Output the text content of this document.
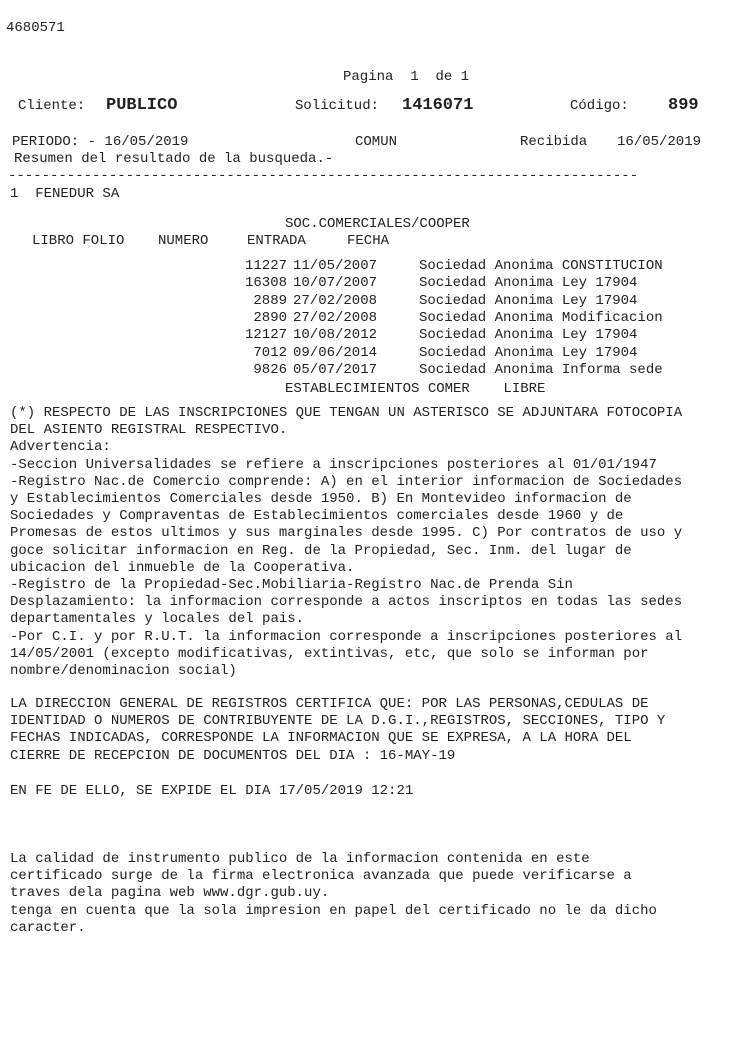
4680571
Pagina 1 de 1
Cliente: PUBLICO	Solicitud: 1416071	Código: 899
PERIODO: - 16/05/2019	COMUN	Recibida 16/05/2019
Resumen del resultado de la busqueda.-
---------------------------------------------------------------------------
1  FENEDUR SA
SOC.COMERCIALES/COOPER
LIBRO FOLIO NUMERO	ENTRADA	FECHA
11227 11/05/2007	Sociedad Anonima CONSTITUCION
16308 10/07/2007	Sociedad Anonima Ley 17904
2889 27/02/2008	Sociedad Anonima Ley 17904
2890 27/02/2008	Sociedad Anonima Modificacion
12127 10/08/2012	Sociedad Anonima Ley 17904
7012 09/06/2014	Sociedad Anonima Ley 17904
9826 05/07/2017	Sociedad Anonima Informa sede
ESTABLECIMIENTOS COMER    LIBRE
(*) RESPECTO DE LAS INSCRIPCIONES QUE TENGAN UN ASTERISCO SE ADJUNTARA FOTOCOPIA
DEL ASIENTO REGISTRAL RESPECTIVO.
Advertencia:
-Seccion Universalidades se refiere a inscripciones posteriores al 01/01/1947
-Registro Nac.de Comercio comprende: A) en el interior informacion de Sociedades
y Establecimientos Comerciales desde 1950. B) En Montevideo informacion de
Sociedades y Compraventas de Establecimientos comerciales desde 1960 y de
Promesas de estos ultimos y sus marginales desde 1995. C) Por contratos de uso y
goce solicitar informacion en Reg. de la Propiedad, Sec. Inm. del lugar de
ubicacion del inmueble de la Cooperativa.
-Registro de la Propiedad-Sec.Mobiliaria-Registro Nac.de Prenda Sin
Desplazamiento: la informacion corresponde a actos inscriptos en todas las sedes
departamentales y locales del pais.
-Por C.I. y por R.U.T. la informacion corresponde a inscripciones posteriores al
14/05/2001 (excepto modificativas, extintivas, etc, que solo se informan por
nombre/denominacion social)
LA DIRECCION GENERAL DE REGISTROS CERTIFICA QUE: POR LAS PERSONAS,CEDULAS DE
IDENTIDAD O NUMEROS DE CONTRIBUYENTE DE LA D.G.I.,REGISTROS, SECCIONES, TIPO Y
FECHAS INDICADAS, CORRESPONDE LA INFORMACION QUE SE EXPRESA, A LA HORA DEL
CIERRE DE RECEPCION DE DOCUMENTOS DEL DIA : 16-MAY-19
EN FE DE ELLO, SE EXPIDE EL DIA 17/05/2019 12:21
La calidad de instrumento publico de la informacion contenida en este
certificado surge de la firma electronica avanzada que puede verificarse a
traves dela pagina web www.dgr.gub.uy.
tenga en cuenta que la sola impresion en papel del certificado no le da dicho
caracter.
